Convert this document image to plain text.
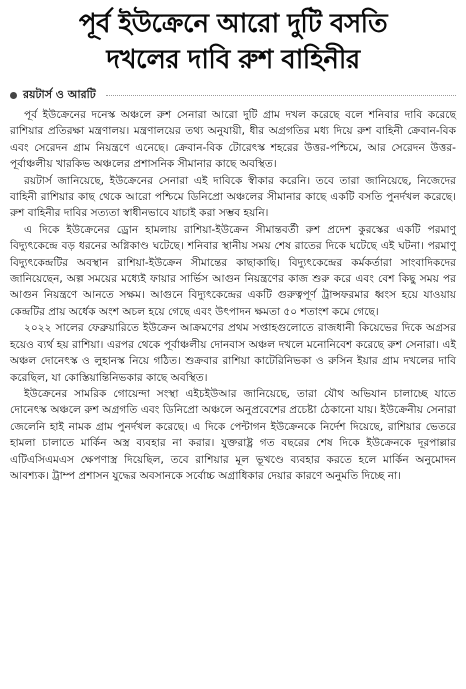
পূর্ব ইউক্রেনে আরো দুটি বসতি
দখলের দাবি রুশ বাহিনীর
রয়টার্স ও আরটি

পূর্ব ইউক্রেনের দনেস্ক অঞ্চলে রুশ সেনারা আরো দুটি গ্রাম দখল করেছে বলে শনিবার দাবি করেছে রাশিয়ার প্রতিরক্ষা মন্ত্রণালয়। মন্ত্রণালয়ের তথ্য অনুযায়ী, ধীর অগ্রগতির মধ্য দিয়ে রুশ বাহিনী ক্রেবান-বিক এবং সেরেদন গ্রাম নিয়ন্ত্রণে এনেছে। ক্রেবান-বিক টোরেৎস্ক শহরের উত্তর-পশ্চিমে, আর সেরেদন উত্তর-পূর্বাঞ্চলীয় খারকিভ অঞ্চলের প্রশাসনিক সীমানার কাছে অবস্থিত।

রয়টার্স জানিয়েছে, ইউক্রেনের সেনারা এই দাবিকে স্বীকার করেনি। তবে তারা জানিয়েছে, নিজেদের বাহিনী রাশিয়ার কাছ থেকে আরো পশ্চিমে ডিনিপ্রো অঞ্চলের সীমানার কাছে একটি বসতি পুনর্দখল করেছে। রুশ বাহিনীর দাবির সত্যতা স্বাধীনভাবে যাচাই করা সম্ভব হয়নি।

এ দিকে ইউক্রেনের ড্রোন হামলায় রাশিয়া-ইউক্রেন সীমান্তবর্তী রুশ প্রদেশ কুরস্কের একটি পরমাণু বিদ্যুৎকেন্দ্রে বড় ধরনের অগ্নিকাণ্ড ঘটেছে। শনিবার স্থানীয় সময় শেষ রাতের দিকে ঘটেছে এই ঘটনা। পরমাণু বিদ্যুৎকেন্দ্রটির অবস্থান রাশিয়া-ইউক্রেন সীমান্তের কাছাকাছি। বিদ্যুৎকেন্দ্রের কর্মকর্তারা সাংবাদিকদের জানিয়েছেন, অল্প সময়ের মধ্যেই ফায়ার সার্ভিস আগুন নিয়ন্ত্রণের কাজ শুরু করে এবং বেশ কিছু সময় পর আগুন নিয়ন্ত্রণে আনতে সক্ষম। আগুনে বিদ্যুৎকেন্দ্রের একটি গুরুত্বপূর্ণ ট্রান্সফরমার ধ্বংস হয়ে যাওয়ায় কেন্দ্রটির প্রায় অর্ধেক অংশ অচল হয়ে গেছে এবং উৎপাদন ক্ষমতা ৫০ শতাংশ কমে গেছে।

২০২২ সালের ফেব্রুয়ারিতে ইউক্রেন আক্রমণের প্রথম সপ্তাহগুলোতে রাজধানী কিয়েভের দিকে অগ্রসর হয়েও ব্যর্থ হয় রাশিয়া। এরপর থেকে পূর্বাঞ্চলীয় দোনবাস অঞ্চল দখলে মনোনিবেশ করেছে রুশ সেনারা। এই অঞ্চল দোনেৎস্ক ও লুহানস্ক নিয়ে গঠিত। শুক্রবার রাশিয়া কাটেরিনিভকা ও রুসিন ইয়ার গ্রাম দখলের দাবি করেছিল, যা কোস্তিয়ান্তিনিভকার কাছে অবস্থিত।

ইউক্রেনের সামরিক গোয়েন্দা সংস্থা এইচইউআর জানিয়েছে, তারা যৌথ অভিযান চালাচ্ছে যাতে দোনেৎস্ক অঞ্চলে রুশ অগ্রগতি এবং ডিনিপ্রো অঞ্চলে অনুপ্রবেশের প্রচেষ্টা ঠেকানো যায়। ইউক্রেনীয় সেনারা জেলেনি হাই নামক গ্রাম পুনর্দখল করেছে। এ দিকে পেন্টাগন ইউক্রেনকে নির্দেশ দিয়েছে, রাশিয়ার ভেতরে হামলা চালাতে মার্কিন অস্ত্র ব্যবহার না করার। যুক্তরাষ্ট্র গত বছরের শেষ দিকে ইউক্রেনকে দূরপাল্লার এটিএসিএমএস ক্ষেপণাস্ত্র দিয়েছিল, তবে রাশিয়ার মূল ভূখণ্ডে ব্যবহার করতে হলে মার্কিন অনুমোদন আবশ্যক। ট্রাম্প প্রশাসন যুদ্ধের অবসানকে সর্বোচ্চ অগ্রাধিকার দেয়ার কারণে অনুমতি দিচ্ছে না।
